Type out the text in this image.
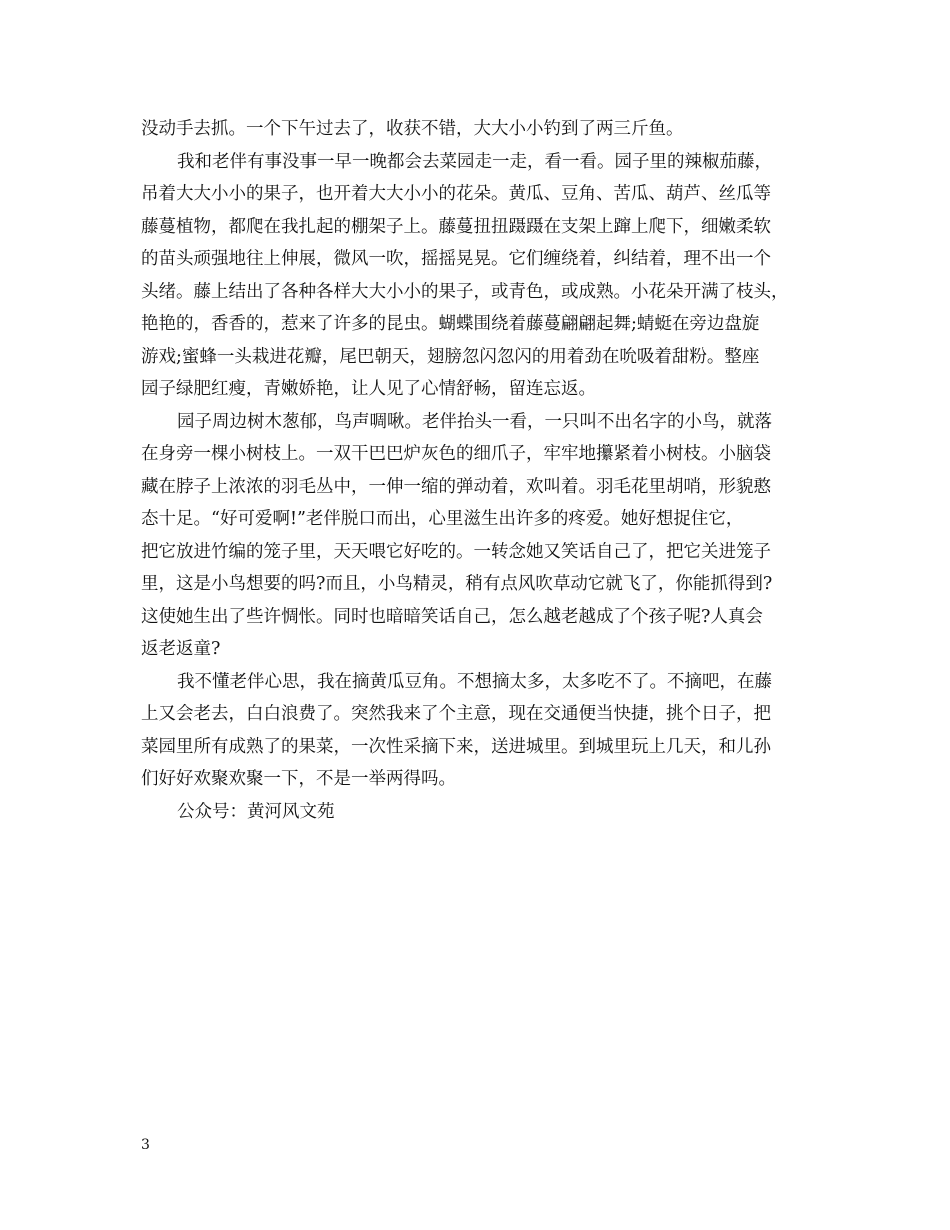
没动手去抓。一个下午过去了，收获不错，大大小小钓到了两三斤鱼。
我和老伴有事没事一早一晚都会去菜园走一走，看一看。园子里的辣椒茄藤，
吊着大大小小的果子，也开着大大小小的花朵。黄瓜、豆角、苦瓜、葫芦、丝瓜等
藤蔓植物，都爬在我扎起的棚架子上。藤蔓扭扭蹑蹑在支架上蹿上爬下，细嫩柔软
的苗头顽强地往上伸展，微风一吹，摇摇晃晃。它们缠绕着，纠结着，理不出一个
头绪。藤上结出了各种各样大大小小的果子，或青色，或成熟。小花朵开满了枝头，
艳艳的，香香的，惹来了许多的昆虫。蝴蝶围绕着藤蔓翩翩起舞;蜻蜓在旁边盘旋
游戏;蜜蜂一头栽进花瓣，尾巴朝天，翅膀忽闪忽闪的用着劲在吮吸着甜粉。整座
园子绿肥红瘦，青嫩娇艳，让人见了心情舒畅，留连忘返。
园子周边树木葱郁，鸟声啁啾。老伴抬头一看，一只叫不出名字的小鸟，就落
在身旁一棵小树枝上。一双干巴巴炉灰色的细爪子，牢牢地攥紧着小树枝。小脑袋
藏在脖子上浓浓的羽毛丛中，一伸一缩的弹动着，欢叫着。羽毛花里胡哨，形貌憨
态十足。“好可爱啊!”老伴脱口而出，心里滋生出许多的疼爱。她好想捉住它，
把它放进竹编的笼子里，天天喂它好吃的。一转念她又笑话自己了，把它关进笼子
里，这是小鸟想要的吗?而且，小鸟精灵，稍有点风吹草动它就飞了，你能抓得到?
这使她生出了些许惆怅。同时也暗暗笑话自己，怎么越老越成了个孩子呢?人真会
返老返童?
我不懂老伴心思，我在摘黄瓜豆角。不想摘太多，太多吃不了。不摘吧，在藤
上又会老去，白白浪费了。突然我来了个主意，现在交通便当快捷，挑个日子，把
菜园里所有成熟了的果菜，一次性采摘下来，送进城里。到城里玩上几天，和儿孙
们好好欢聚欢聚一下，不是一举两得吗。
公众号：黄河风文苑
3
